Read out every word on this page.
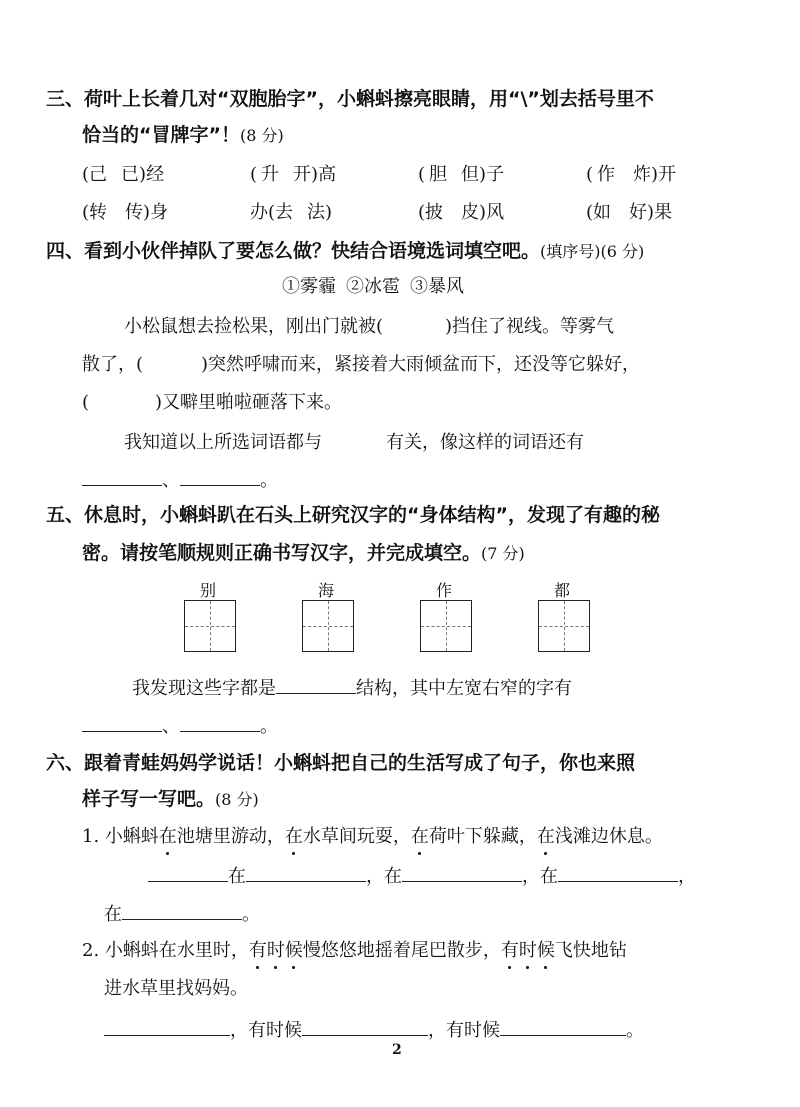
三、荷叶上长着几对“双胞胎字”，小蝌蚪擦亮眼睛，用“\”划去括号里不
恰当的“冒牌字”！(8 分)
(己 已)经	( 升 开)高	( 胆 但)子	( 作 炸)开
(转 传)身	办(去 法)	(披 皮)风	(如 好)果
四、看到小伙伴掉队了要怎么做？快结合语境选词填空吧。(填序号)(6 分)
①雾霾 ②冰雹 ③暴风
小松鼠想去捡松果，刚出门就被(	)挡住了视线。等雾气
散了，(	)突然呼啸而来，紧接着大雨倾盆而下，还没等它躲好，
(	)又噼里啪啦砸落下来。
我知道以上所选词语都与	有关，像这样的词语还有
、	。
五、休息时，小蝌蚪趴在石头上研究汉字的“身体结构”，发现了有趣的秘
密。请按笔顺规则正确书写汉字，并完成填空。(7 分)
别	海	作	都
我发现这些字都是	结构，其中左宽右窄的字有
、	。
六、跟着青蛙妈妈学说话！小蝌蚪把自己的生活写成了句子，你也来照
样子写一写吧。(8 分)
1. 小蝌蚪在池塘里游动，在水草间玩耍，在荷叶下躲藏，在浅滩边休息。
在	，在	，在	，
在	。
2. 小蝌蚪在水里时，有时候慢悠悠地摇着尾巴散步，有时候飞快地钻
进水草里找妈妈。
，有时候	，有时候	。
2
